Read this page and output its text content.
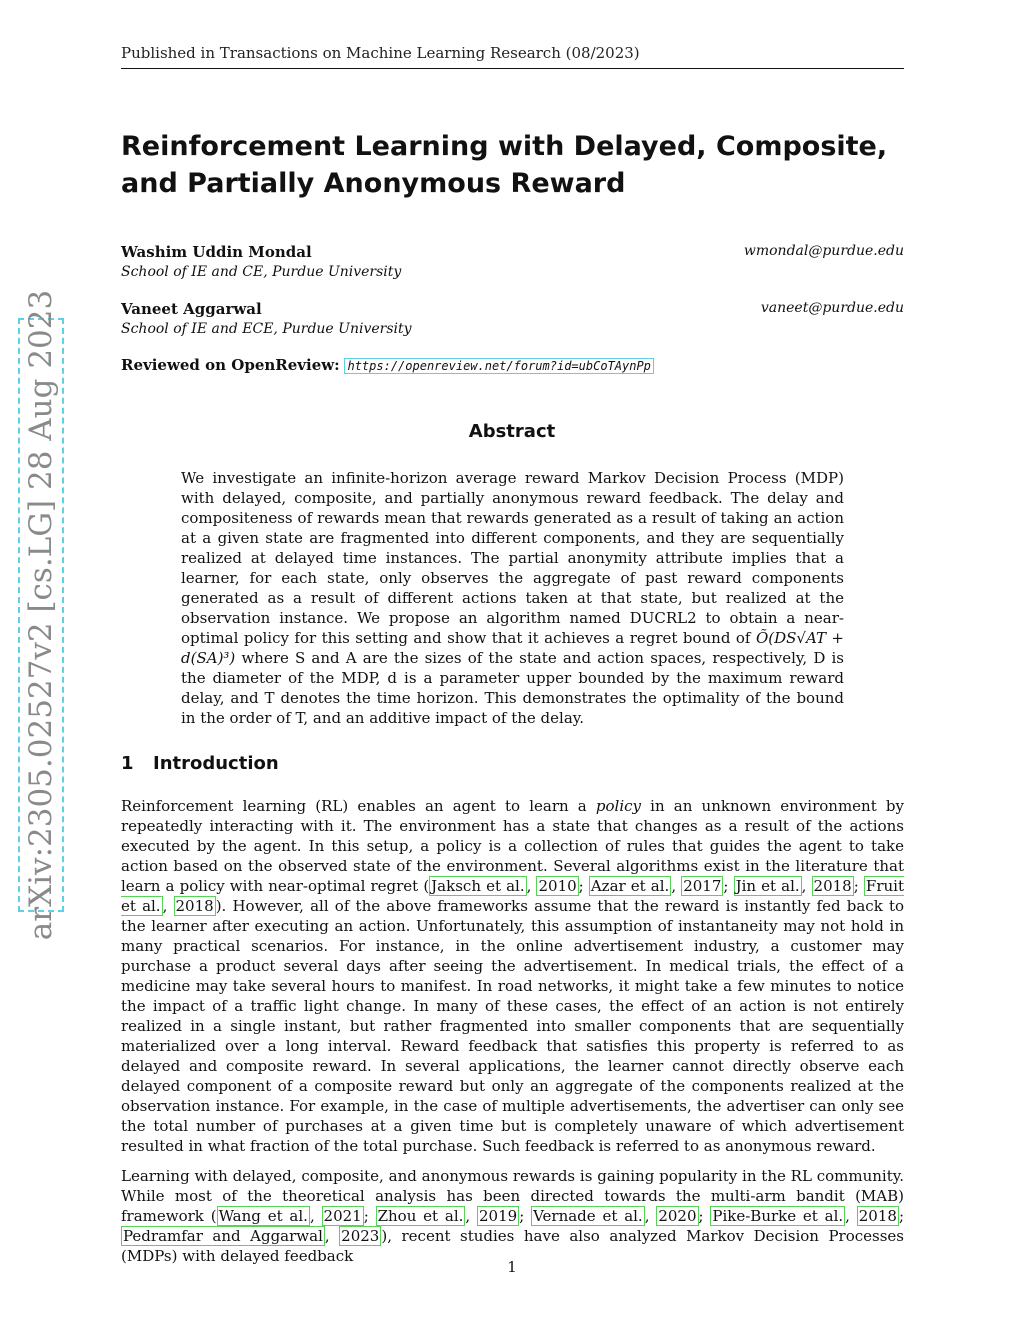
Published in Transactions on Machine Learning Research (08/2023)
arXiv:2305.02527v2 [cs.LG] 28 Aug 2023
Reinforcement Learning with Delayed, Composite, and Partially Anonymous Reward
Washim Uddin Mondal	wmondal@purdue.edu
School of IE and CE, Purdue University
Vaneet Aggarwal	vaneet@purdue.edu
School of IE and ECE, Purdue University
Reviewed on OpenReview: https://openreview.net/forum?id=ubCoTAynPp
Abstract

We investigate an infinite-horizon average reward Markov Decision Process (MDP) with delayed, composite, and partially anonymous reward feedback. The delay and compositeness of rewards mean that rewards generated as a result of taking an action at a given state are fragmented into different components, and they are sequentially realized at delayed time instances. The partial anonymity attribute implies that a learner, for each state, only observes the aggregate of past reward components generated as a result of different actions taken at that state, but realized at the observation instance. We propose an algorithm named DUCRL2 to obtain a near-optimal policy for this setting and show that it achieves a regret bound of Õ(DS√AT + d(SA)³) where S and A are the sizes of the state and action spaces, respectively, D is the diameter of the MDP, d is a parameter upper bounded by the maximum reward delay, and T denotes the time horizon. This demonstrates the optimality of the bound in the order of T, and an additive impact of the delay.

1 Introduction

Reinforcement learning (RL) enables an agent to learn a policy in an unknown environment by repeatedly interacting with it. The environment has a state that changes as a result of the actions executed by the agent. In this setup, a policy is a collection of rules that guides the agent to take action based on the observed state of the environment. Several algorithms exist in the literature that learn a policy with near-optimal regret ( Jaksch et al. , 2010 ; Azar et al. , 2017 ; Jin et al. , 2018 ; Fruit et al. , 2018 ). However, all of the above frameworks assume that the reward is instantly fed back to the learner after executing an action. Unfortunately, this assumption of instantaneity may not hold in many practical scenarios. For instance, in the online advertisement industry, a customer may purchase a product several days after seeing the advertisement. In medical trials, the effect of a medicine may take several hours to manifest. In road networks, it might take a few minutes to notice the impact of a traffic light change. In many of these cases, the effect of an action is not entirely realized in a single instant, but rather fragmented into smaller components that are sequentially materialized over a long interval. Reward feedback that satisfies this property is referred to as delayed and composite reward. In several applications, the learner cannot directly observe each delayed component of a composite reward but only an aggregate of the components realized at the observation instance. For example, in the case of multiple advertisements, the advertiser can only see the total number of purchases at a given time but is completely unaware of which advertisement resulted in what fraction of the total purchase. Such feedback is referred to as anonymous reward.

Learning with delayed, composite, and anonymous rewards is gaining popularity in the RL community. While most of the theoretical analysis has been directed towards the multi-arm bandit (MAB) framework ( Wang et al. , 2021 ; Zhou et al. , 2019 ; Vernade et al. , 2020 ; Pike-Burke et al. , 2018 ; Pedramfar and Aggarwal , 2023 ), recent studies have also analyzed Markov Decision Processes (MDPs) with delayed feedback

1
